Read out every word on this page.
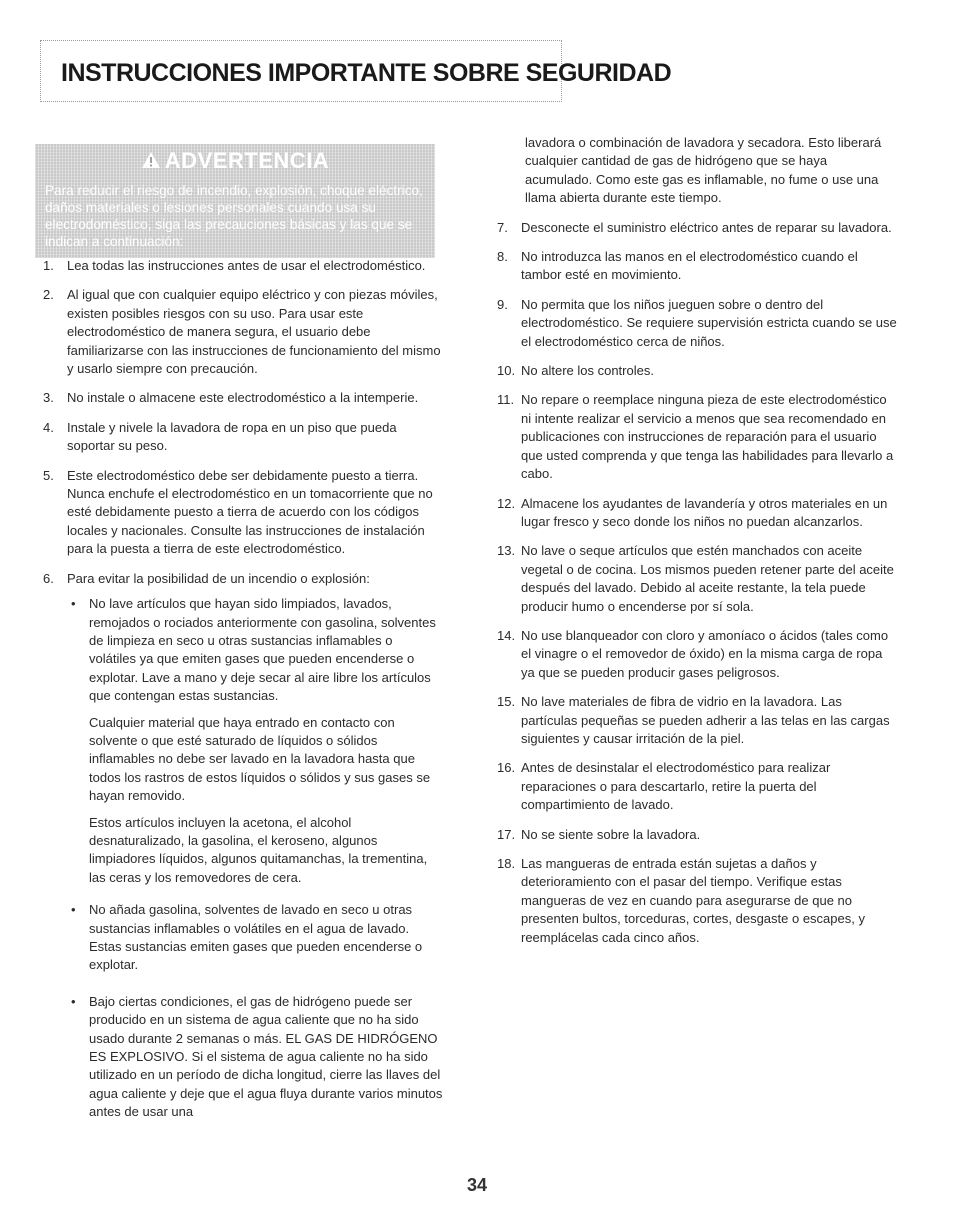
INSTRUCCIONES IMPORTANTE SOBRE SEGURIDAD
ADVERTENCIA
Para reducir el riesgo de incendio, explosión, choque eléctrico, daños materiales o lesiones personales cuando usa su electrodoméstico, siga las precauciones básicas y las que se indican a continuación:
1.	Lea todas las instrucciones antes de usar el electrodoméstico.
2.	Al igual que con cualquier equipo eléctrico y con piezas móviles, existen posibles riesgos con su uso. Para usar este electrodoméstico de manera segura, el usuario debe familiarizarse con las instrucciones de funcionamiento del mismo y usarlo siempre con precaución.
3.	No instale o almacene este electrodoméstico a la intemperie.
4.	Instale y nivele la lavadora de ropa en un piso que pueda soportar su peso.
5.	Este electrodoméstico debe ser debidamente puesto a tierra. Nunca enchufe el electrodoméstico en un tomacorriente que no esté debidamente puesto a tierra de acuerdo con los códigos locales y nacionales. Consulte las instrucciones de instalación para la puesta a tierra de este electrodoméstico.
6.	Para evitar la posibilidad de un incendio o explosión:
• No lave artículos que hayan sido limpiados, lavados, remojados o rociados anteriormente con gasolina, solventes de limpieza en seco u otras sustancias inflamables o volátiles ya que emiten gases que pueden encenderse o explotar. Lave a mano y deje secar al aire libre los artículos que contengan estas sustancias.
Cualquier material que haya entrado en contacto con solvente o que esté saturado de líquidos o sólidos inflamables no debe ser lavado en la lavadora hasta que todos los rastros de estos líquidos o sólidos y sus gases se hayan removido.
Estos artículos incluyen la acetona, el alcohol desnaturalizado, la gasolina, el keroseno, algunos limpiadores líquidos, algunos quitamanchas, la trementina, las ceras y los removedores de cera.
• No añada gasolina, solventes de lavado en seco u otras sustancias inflamables o volátiles en el agua de lavado. Estas sustancias emiten gases que pueden encenderse o explotar.
• Bajo ciertas condiciones, el gas de hidrógeno puede ser producido en un sistema de agua caliente que no ha sido usado durante 2 semanas o más. EL GAS DE HIDRÓGENO ES EXPLOSIVO. Si el sistema de agua caliente no ha sido utilizado en un período de dicha longitud, cierre las llaves del agua caliente y deje que el agua fluya durante varios minutos antes de usar una
lavadora o combinación de lavadora y secadora. Esto liberará cualquier cantidad de gas de hidrógeno que se haya acumulado. Como este gas es inflamable, no fume o use una llama abierta durante este tiempo.
7.	Desconecte el suministro eléctrico antes de reparar su lavadora.
8.	No introduzca las manos en el electrodoméstico cuando el tambor esté en movimiento.
9.	No permita que los niños jueguen sobre o dentro del electrodoméstico. Se requiere supervisión estricta cuando se use el electrodoméstico cerca de niños.
10. No altere los controles.
11. No repare o reemplace ninguna pieza de este electrodoméstico ni intente realizar el servicio a menos que sea recomendado en publicaciones con instrucciones de reparación para el usuario que usted comprenda y que tenga las habilidades para llevarlo a cabo.
12. Almacene los ayudantes de lavandería y otros materiales en un lugar fresco y seco donde los niños no puedan alcanzarlos.
13. No lave o seque artículos que estén manchados con aceite vegetal o de cocina. Los mismos pueden retener parte del aceite después del lavado. Debido al aceite restante, la tela puede producir humo o encenderse por sí sola.
14. No use blanqueador con cloro y amoníaco o ácidos (tales como el vinagre o el removedor de óxido) en la misma carga de ropa ya que se pueden producir gases peligrosos.
15. No lave materiales de fibra de vidrio en la lavadora. Las partículas pequeñas se pueden adherir a las telas en las cargas siguientes y causar irritación de la piel.
16. Antes de desinstalar el electrodoméstico para realizar reparaciones o para descartarlo, retire la puerta del compartimiento de lavado.
17. No se siente sobre la lavadora.
18. Las mangueras de entrada están sujetas a daños y deterioramiento con el pasar del tiempo. Verifique estas mangueras de vez en cuando para asegurarse de que no presenten bultos, torceduras, cortes, desgaste o escapes, y reemplácelas cada cinco años.
34
